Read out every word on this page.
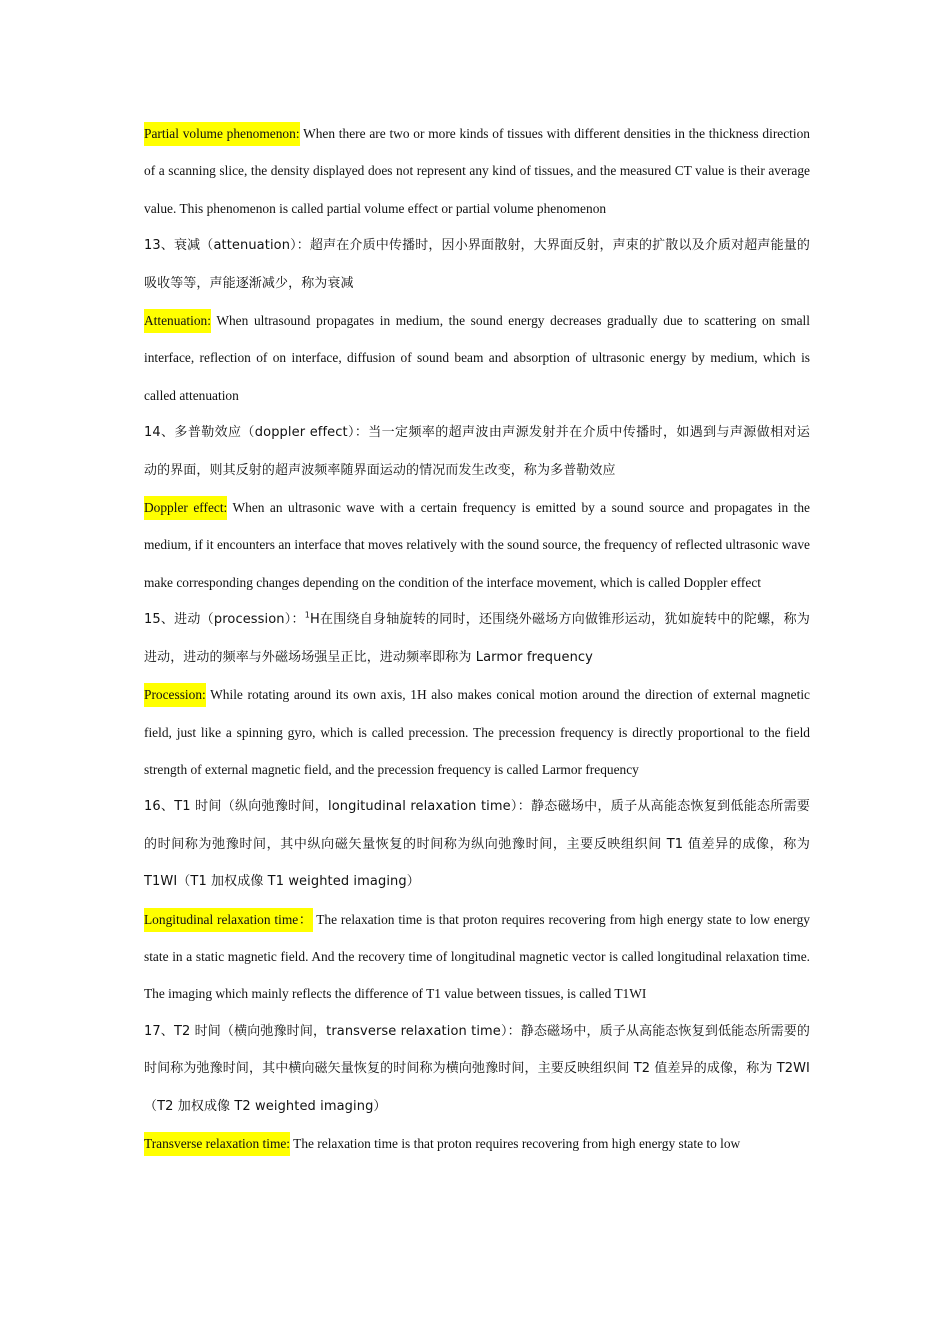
Partial volume phenomenon: When there are two or more kinds of tissues with different densities in the thickness direction of a scanning slice, the density displayed does not represent any kind of tissues, and the measured CT value is their average value. This phenomenon is called partial volume effect or partial volume phenomenon

13、衰减（attenuation）：超声在介质中传播时，因小界面散射，大界面反射，声束的扩散以及介质对超声能量的吸收等等，声能逐渐减少，称为衰减

Attenuation: When ultrasound propagates in medium, the sound energy decreases gradually due to scattering on small interface, reflection of on interface, diffusion of sound beam and absorption of ultrasonic energy by medium, which is called attenuation

14、多普勒效应（doppler effect）：当一定频率的超声波由声源发射并在介质中传播时，如遇到与声源做相对运动的界面，则其反射的超声波频率随界面运动的情况而发生改变，称为多普勒效应

Doppler effect: When an ultrasonic wave with a certain frequency is emitted by a sound source and propagates in the medium, if it encounters an interface that moves relatively with the sound source, the frequency of reflected ultrasonic wave make corresponding changes depending on the condition of the interface movement, which is called Doppler effect

15、进动（procession）：$^1$H在围绕自身轴旋转的同时，还围绕外磁场方向做锥形运动，犹如旋转中的陀螺，称为进动，进动的频率与外磁场场强呈正比，进动频率即称为 Larmor frequency

Procession: While rotating around its own axis, 1H also makes conical motion around the direction of external magnetic field, just like a spinning gyro, which is called precession. The precession frequency is directly proportional to the field strength of external magnetic field, and the precession frequency is called Larmor frequency

16、T1 时间（纵向弛豫时间，longitudinal relaxation time）：静态磁场中，质子从高能态恢复到低能态所需要的时间称为弛豫时间，其中纵向磁矢量恢复的时间称为纵向弛豫时间，主要反映组织间 T1 值差异的成像，称为 T1WI（T1 加权成像 T1 weighted imaging）

Longitudinal relaxation time： The relaxation time is that proton requires recovering from high energy state to low energy state in a static magnetic field. And the recovery time of longitudinal magnetic vector is called longitudinal relaxation time. The imaging which mainly reflects the difference of T1 value between tissues, is called T1WI

17、T2 时间（横向弛豫时间，transverse relaxation time）：静态磁场中，质子从高能态恢复到低能态所需要的时间称为弛豫时间，其中横向磁矢量恢复的时间称为横向弛豫时间，主要反映组织间 T2 值差异的成像，称为 T2WI（T2 加权成像 T2 weighted imaging）

Transverse relaxation time: The relaxation time is that proton requires recovering from high energy state to low
